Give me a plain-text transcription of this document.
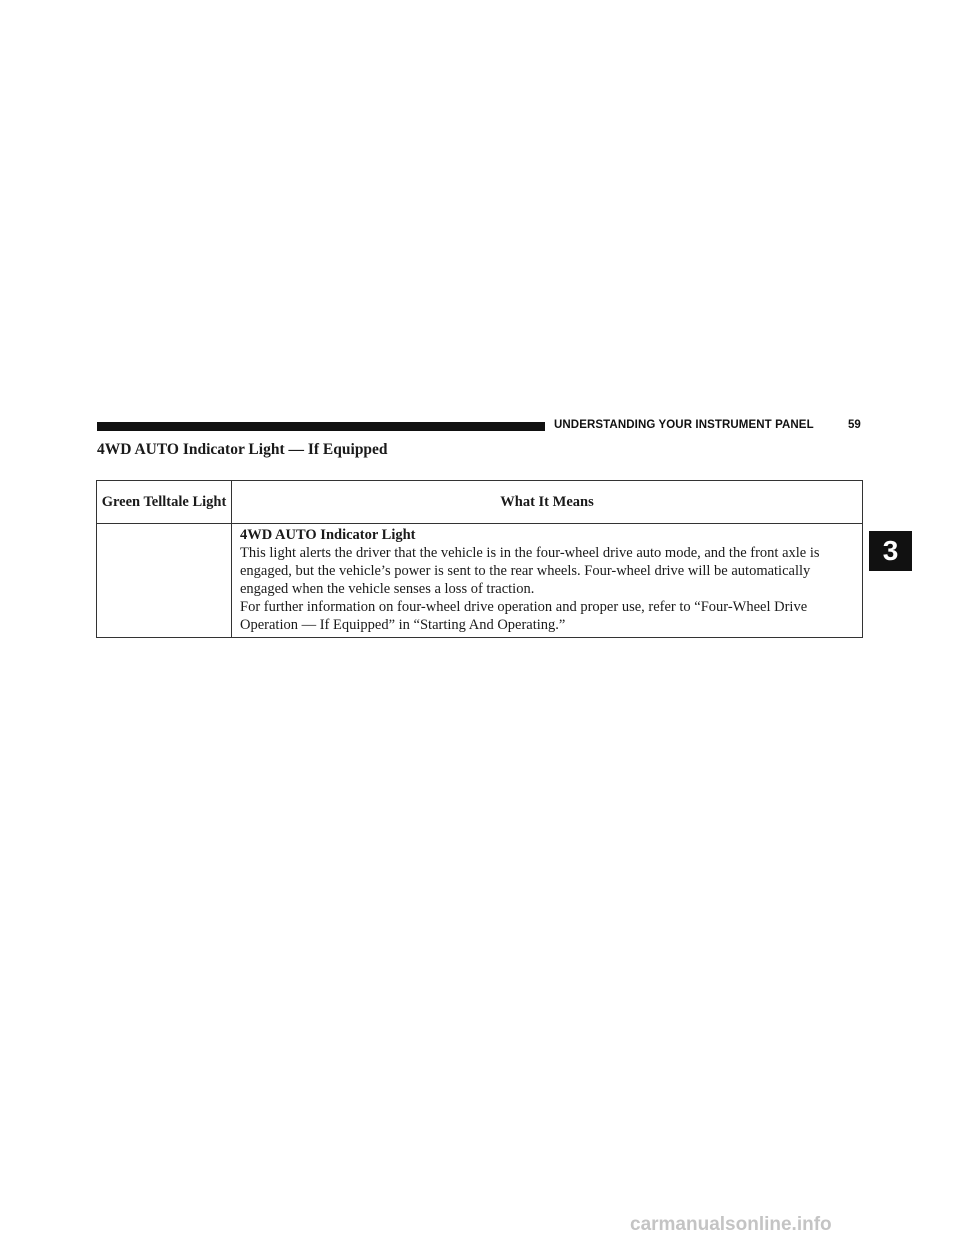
UNDERSTANDING YOUR INSTRUMENT PANEL	59
4WD AUTO Indicator Light — If Equipped
Green Telltale Light	What It Means

	4WD AUTO Indicator Light
This light alerts the driver that the vehicle is in the four-wheel drive auto mode, and the front axle is engaged, but the vehicle’s power is sent to the rear wheels. Four-wheel drive will be automatically engaged when the vehicle senses a loss of traction.
For further information on four-wheel drive operation and proper use, refer to “Four-Wheel Drive Operation — If Equipped” in “Starting And Operating.”
3
carmanualsonline.info
